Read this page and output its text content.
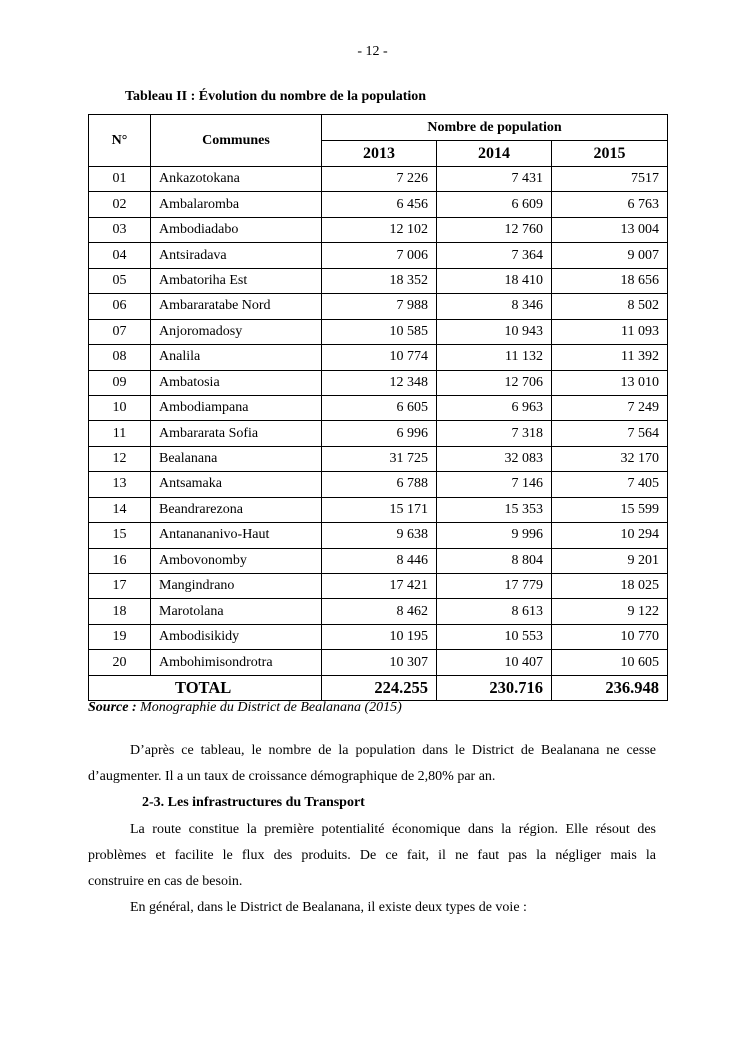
- 12 -
Tableau II : Évolution du nombre de la population
N°	Communes	Nombre de population		
		2013	2014	2015
01	Ankazotokana	7 226	7 431	7517
02	Ambalaromba	6 456	6 609	6 763
03	Ambodiadabo	12 102	12 760	13 004
04	Antsiradava	7 006	7 364	9 007
05	Ambatoriha Est	18 352	18 410	18 656
06	Ambararatabe Nord	7 988	8 346	8 502
07	Anjoromadosy	10 585	10 943	11 093
08	Analila	10 774	11 132	11 392
09	Ambatosia	12 348	12 706	13 010
10	Ambodiampana	6 605	6 963	7 249
11	Ambararata Sofia	6 996	7 318	7 564
12	Bealanana	31 725	32 083	32 170
13	Antsamaka	6 788	7 146	7 405
14	Beandrarezona	15 171	15 353	15 599
15	Antanananivo-Haut	9 638	9 996	10 294
16	Ambovonomby	8 446	8 804	9 201
17	Mangindrano	17 421	17 779	18 025
18	Marotolana	8 462	8 613	9 122
19	Ambodisikidy	10 195	10 553	10 770
20	Ambohimisondrotra	10 307	10 407	10 605
TOTAL		224.255	230.716	236.948
Source : Monographie du District de Bealanana (2015)
D’après ce tableau, le nombre de la population dans le District de Bealanana ne cesse
d’augmenter. Il a un taux de croissance démographique de 2,80% par an.
2-3. Les infrastructures du Transport
La route constitue la première potentialité économique dans la région. Elle résout des
problèmes et facilite le flux des produits. De ce fait, il ne faut pas la négliger mais la
construire en cas de besoin.
En général, dans le District de Bealanana, il existe deux types de voie :
